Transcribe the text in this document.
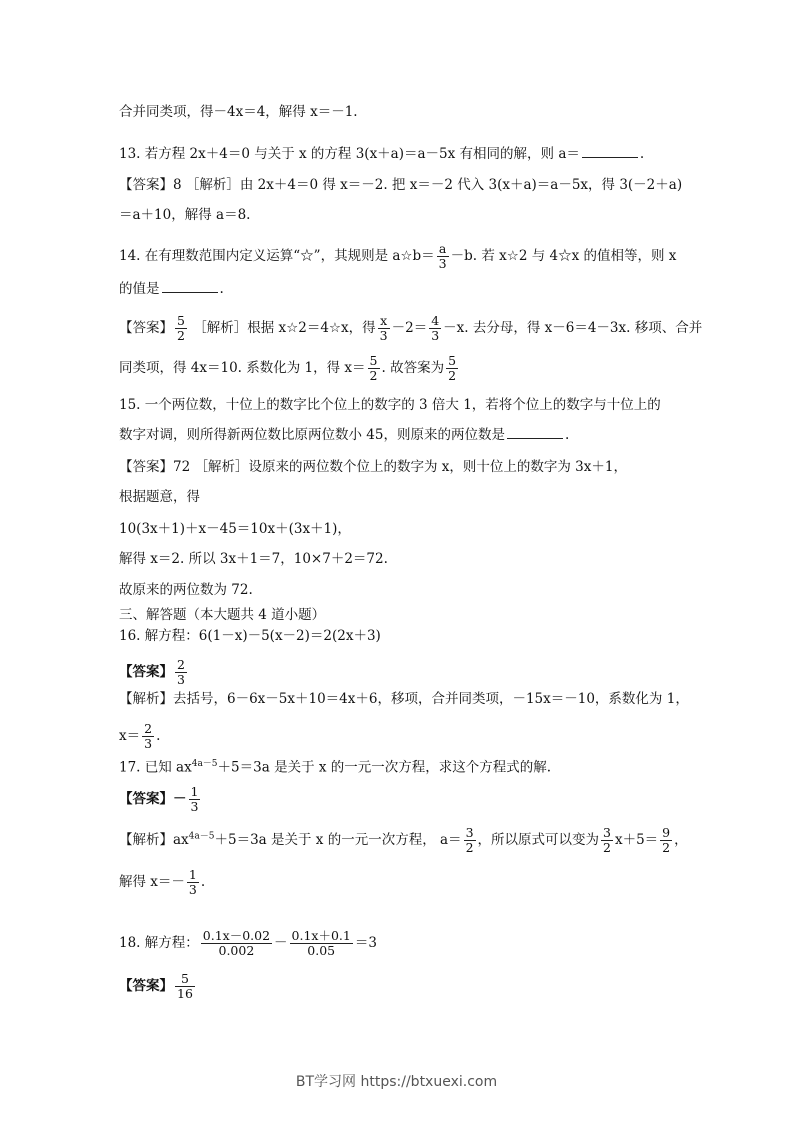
合并同类项，得－4x＝4，解得 x＝－1.
13. 若方程 2x＋4＝0 与关于 x 的方程 3(x＋a)＝a－5x 有相同的解，则 a＝	.
【答案】8 ［解析］由 2x＋4＝0 得 x＝－2. 把 x＝－2 代入 3(x＋a)＝a－5x，得 3(－2＋a)
＝a＋10，解得 a＝8.
14. 在有理数范围内定义运算“☆”，其规则是 a☆b＝ $\frac{a}{3} -b$. 若 x☆2 与 4☆x 的值相等，则 x
的值是	.
【答案】 $\frac{5}{2}$ ［解析］根据 x☆2＝4☆x，得 $\frac{x}{3} -2= \frac{4}{3} -x$. 去分母，得 x－6＝4－3x. 移项、合并
同类项，得 4x＝10. 系数化为 1，得 $x= \frac{5}{2}$ . 故答案为 $\frac{5}{2}$
15. 一个两位数，十位上的数字比个位上的数字的 3 倍大 1，若将个位上的数字与十位上的
数字对调，则所得新两位数比原两位数小 45，则原来的两位数是	.
【答案】72 ［解析］设原来的两位数个位上的数字为 x，则十位上的数字为 3x＋1，
根据题意，得
10(3x＋1)＋x－45＝10x＋(3x＋1)，
解得 x＝2. 所以 3x＋1＝7，10×7＋2＝72.
故原来的两位数为 72.
三、解答题（本大题共 4 道小题）
16. 解方程：6(1－x)－5(x－2)＝2(2x＋3)
【答案】 $\frac{2}{3}$
【解析】去括号，6－6x－5x＋10＝4x＋6，移项，合并同类项，－15x＝－10，系数化为 1，
$x= \frac{2}{3}$ .
17. 已知 $ax^{4a-5}+5=3a$ 是关于 x 的一元一次方程，求这个方程式的解.
【答案】－ $\frac{1}{3}$
【解析】$ax^{4a-5}+5=3a$ 是关于 x 的一元一次方程， $a= \frac{3}{2}$ ，所以原式可以变为 $\frac{3}{2} x+5= \frac{9}{2}$ ，
解得 $x=- \frac{1}{3}$ .
18. 解方程： $\frac{0.1x-0.02}{0.002} - \frac{0.1x+0.1}{0.05} =3$
【答案】 $\frac{5}{16}$
BT学习网 https://btxuexi.com
